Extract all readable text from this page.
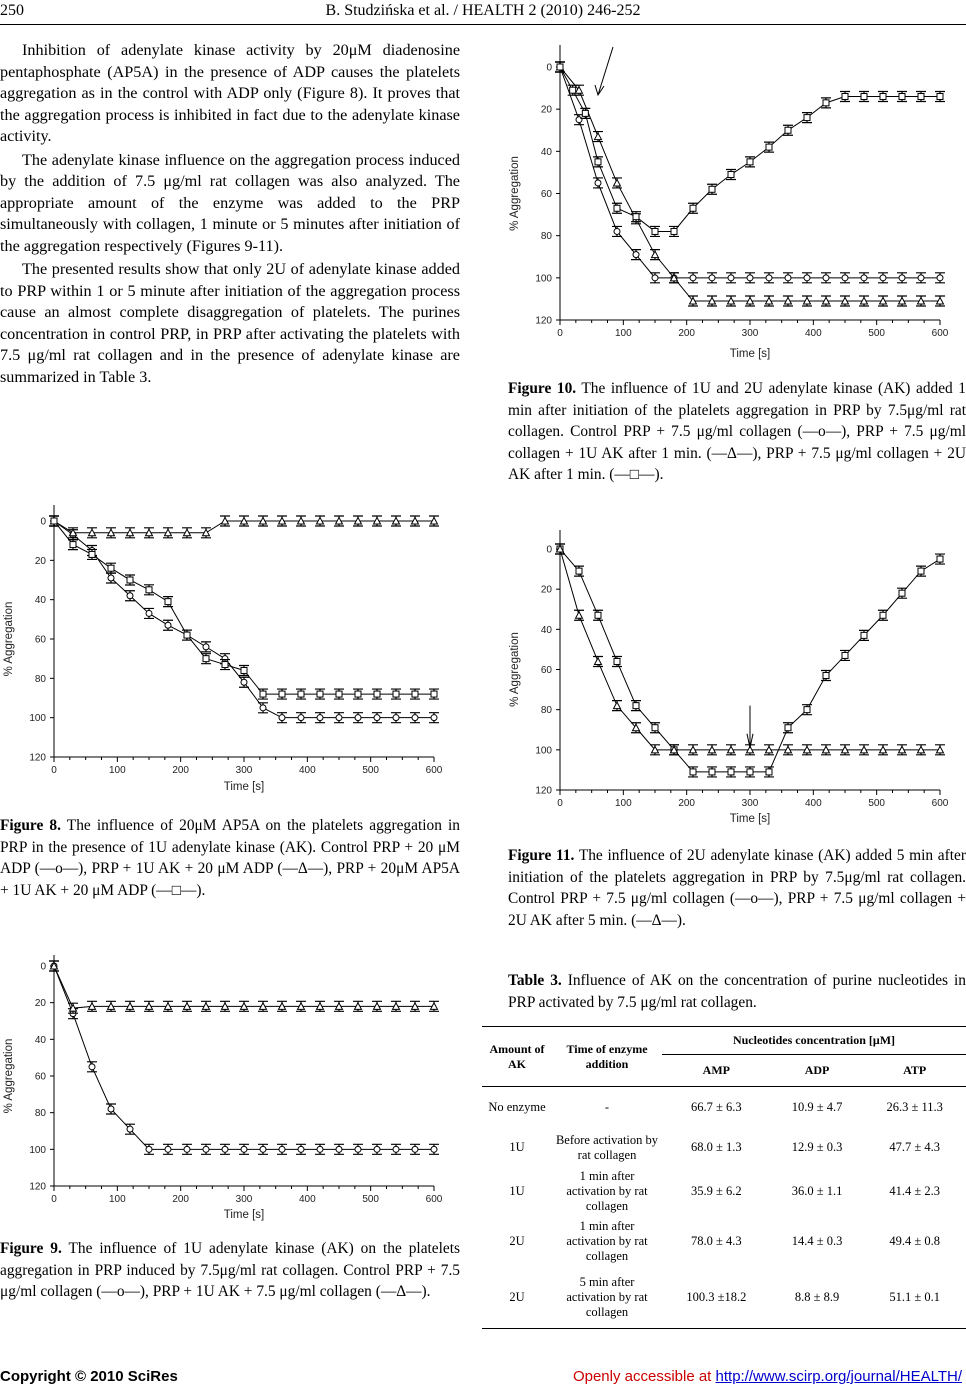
250	B. Studzińska et al. / HEALTH 2 (2010) 246-252

Inhibition of adenylate kinase activity by 20μM diadenosine pentaphosphate (AP5A) in the presence of ADP causes the platelets aggregation as in the control with ADP only (Figure 8). It proves that the aggregation process is inhibited in fact due to the adenylate kinase activity.

The adenylate kinase influence on the aggregation process induced by the addition of 7.5 μg/ml rat collagen was also analyzed. The appropriate amount of the enzyme was added to the PRP simultaneously with collagen, 1 minute or 5 minutes after initiation of the aggregation respectively (Figures 9-11).

The presented results show that only 2U of adenylate kinase added to PRP within 1 or 5 minute after initiation of the aggregation process cause an almost complete disaggregation of platelets. The purines concentration in control PRP, in PRP after activating the platelets with 7.5 μg/ml rat collagen and in the presence of adenylate kinase are summarized in Table 3.

0
20
40
60
80
100
120
0	100	200	300	400	500	600
Time [s]
% Aggregation
Figure 8. The influence of 20μM AP5A on the platelets aggregation in PRP in the presence of 1U adenylate kinase (AK). Control PRP + 20 μM ADP (—o—), PRP + 1U AK + 20 μM ADP (—Δ—), PRP + 20μM AP5A + 1U AK + 20 μM ADP (—□—).
0
20
40
60
80
100
120
0	100	200	300	400	500	600
Time [s]
% Aggregation
Figure 9. The influence of 1U adenylate kinase (AK) on the platelets aggregation in PRP induced by 7.5μg/ml rat collagen. Control PRP + 7.5 μg/ml collagen (—o—), PRP + 1U AK + 7.5 μg/ml collagen (—Δ—).
0
20
40
60
80
100
120
0	100	200	300	400	500	600
Time [s]
% Aggregation
Figure 10. The influence of 1U and 2U adenylate kinase (AK) added 1 min after initiation of the platelets aggregation in PRP by 7.5μg/ml rat collagen. Control PRP + 7.5 μg/ml collagen (—o—), PRP + 7.5 μg/ml collagen + 1U AK after 1 min. (—Δ—), PRP + 7.5 μg/ml collagen + 2U AK after 1 min. (—□—).
0
20
40
60
80
100
120
0	100	200	300	400	500	600
Time [s]
% Aggregation
Figure 11. The influence of 2U adenylate kinase (AK) added 5 min after initiation of the platelets aggregation in PRP by 7.5μg/ml rat collagen. Control PRP + 7.5 μg/ml collagen (—o—), PRP + 7.5 μg/ml collagen + 2U AK after 5 min. (—Δ—).
Table 3. Influence of AK on the concentration of purine nucleotides in PRP activated by 7.5 μg/ml rat collagen.
Amount of AK	Time of enzyme addition	Nucleotides concentration [μM]		
		AMP	ADP	ATP
No enzyme	-	66.7 ± 6.3	10.9 ± 4.7	26.3 ± 11.3
1U	Before activation by rat collagen	68.0 ± 1.3	12.9 ± 0.3	47.7 ± 4.3
1U	1 min after activation by rat collagen	35.9 ± 6.2	36.0 ± 1.1	41.4 ± 2.3
2U	1 min after activation by rat collagen	78.0 ± 4.3	14.4 ± 0.3	49.4 ± 0.8
2U	5 min after activation by rat collagen	100.3 ±18.2	8.8 ± 8.9	51.1 ± 0.1
Copyright © 2010 SciRes	Openly accessible at http://www.scirp.org/journal/HEALTH/
